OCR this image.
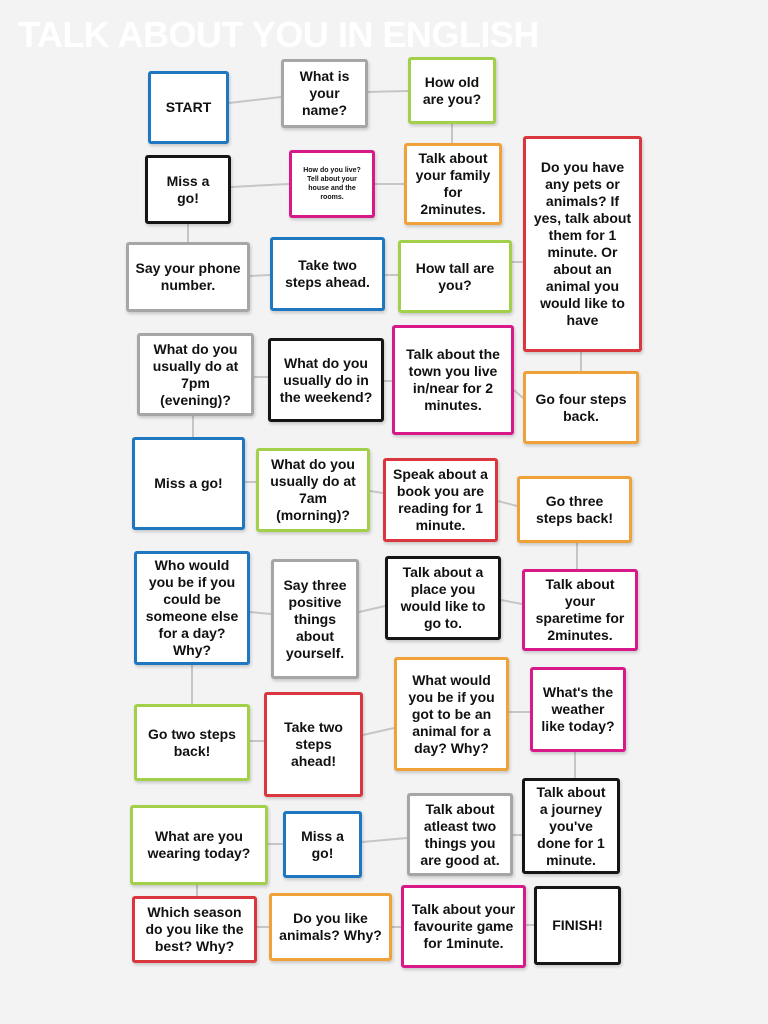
TALK ABOUT YOU IN ENGLISH
START
What is your name?
How old are you?
Miss a go!
How do you live? Tell about your house and the rooms.
Talk about your family for 2minutes.
Do you have any pets or animals? If yes, talk about them for 1 minute. Or about an animal you would like to have
Say your phone number.
Take two steps ahead.
How tall are you?
What do you usually do at 7pm (evening)?
What do you usually do in the weekend?
Talk about the town you live in/near for 2 minutes.	Go four steps back.
Miss a go!
What do you usually do at 7am (morning)?
Speak about a book you are reading for 1 minute.
Go three steps back!
Who would you be if you could be someone else for a day? Why?
Say three positive things about yourself.
Talk about a place you would like to go to.
Talk about your sparetime for 2minutes.
Go two steps back!
Take two steps ahead!
What would you be if you got to be an animal for a day? Why?
What's the weather like today?
What are you wearing today?
Miss a go!
Talk about atleast two things you are good at.
Talk about a journey you've done for 1 minute.
Which season do you like the best? Why?
Do you like animals? Why?
Talk about your favourite game for 1minute.
FINISH!
